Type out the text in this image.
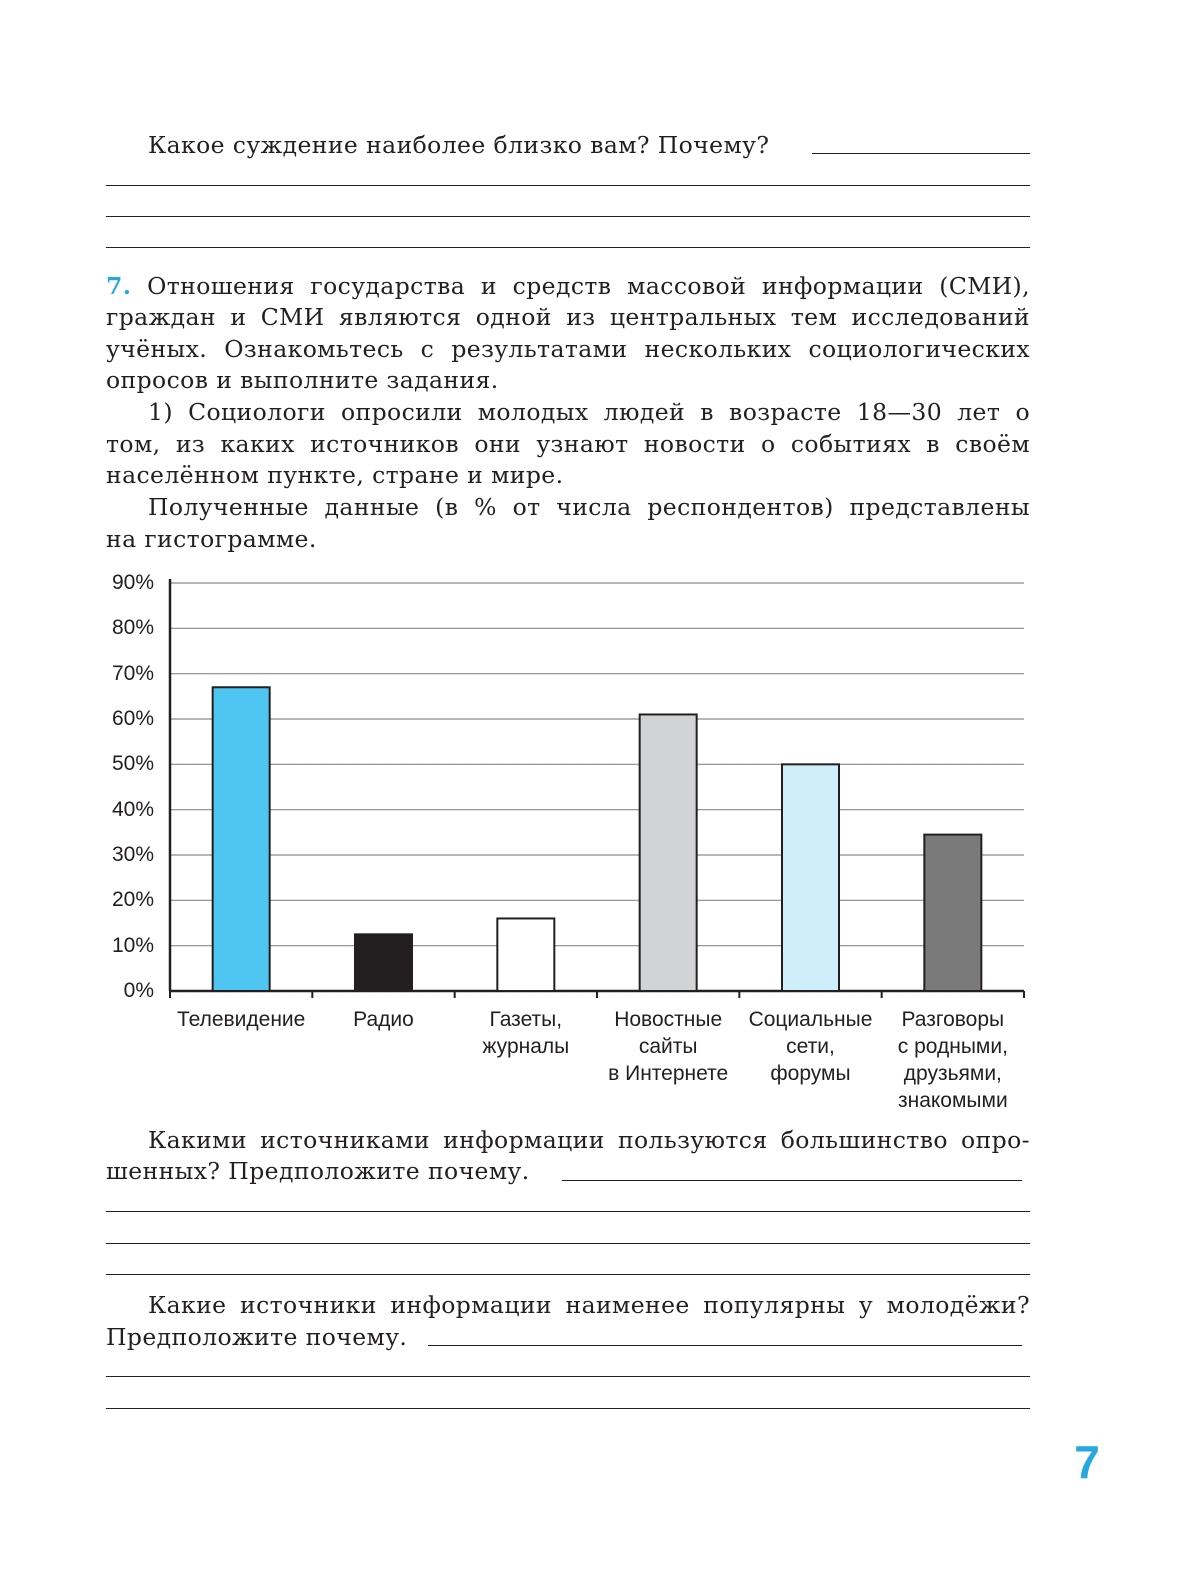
Какое суждение наиболее близко вам? Почему?
7. Отношения государства и средств массовой информации (СМИ),
граждан и СМИ являются одной из центральных тем исследований
учёных. Ознакомьтесь с результатами нескольких социологических
опросов и выполните задания.
1) Социологи опросили молодых людей в возрасте 18—30 лет о
том, из каких источников они узнают новости о событиях в своём
населённом пункте, стране и мире.
Полученные данные (в % от числа респондентов) представлены
на гистограмме.
0%
10%
20%
30%
40%
50%
60%
70%
80%
90%
Телевидение	Радио	Газеты,
журналы
Новостные
сайты
в Интернете
Социальные
сети,
форумы
Разговоры
с родными,
друзьями,
знакомыми
Какими источниками информации пользуются большинство опро-
шенных? Предположите почему.
Какие источники информации наименее популярны у молодёжи?
Предположите почему.
7
